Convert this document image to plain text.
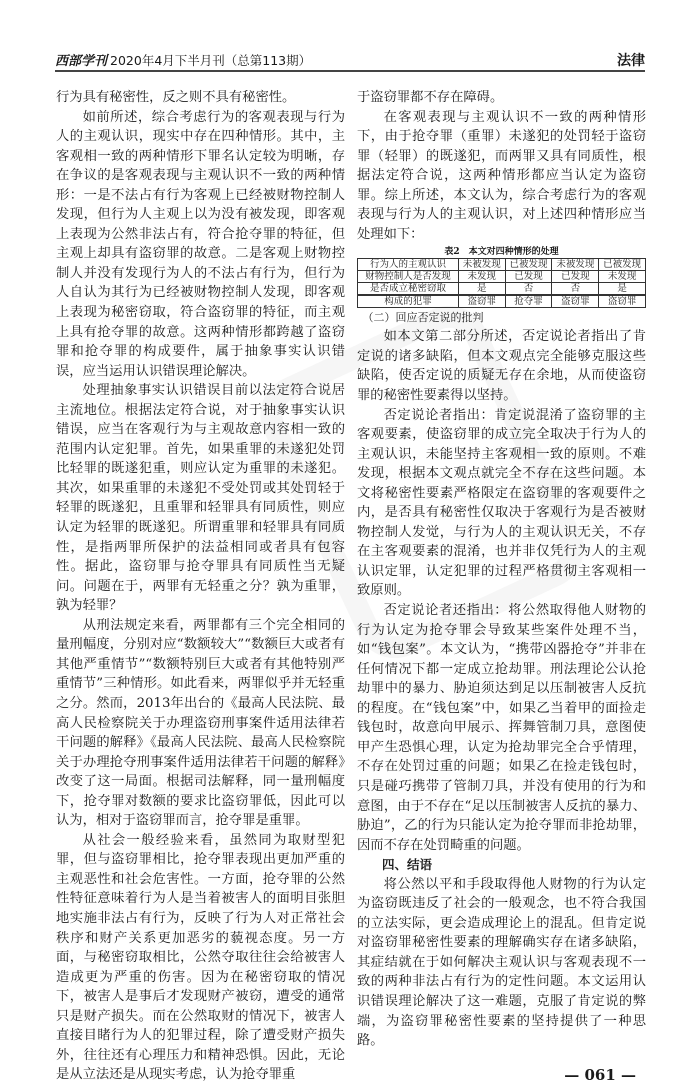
西部学刊 2020年4月下半月刊（总第113期）	法律

行为具有秘密性，反之则不具有秘密性。

如前所述，综合考虑行为的客观表现与行为人的主观认识，现实中存在四种情形。其中，主客观相一致的两种情形下罪名认定较为明晰，存在争议的是客观表现与主观认识不一致的两种情形：一是不法占有行为客观上已经被财物控制人发现，但行为人主观上以为没有被发现，即客观上表现为公然非法占有，符合抢夺罪的特征，但主观上却具有盗窃罪的故意。二是客观上财物控制人并没有发现行为人的不法占有行为，但行为人自认为其行为已经被财物控制人发现，即客观上表现为秘密窃取，符合盗窃罪的特征，而主观上具有抢夺罪的故意。这两种情形都跨越了盗窃罪和抢夺罪的构成要件，属于抽象事实认识错误，应当运用认识错误理论解决。

处理抽象事实认识错误目前以法定符合说居主流地位。根据法定符合说，对于抽象事实认识错误，应当在客观行为与主观故意内容相一致的范围内认定犯罪。首先，如果重罪的未遂犯处罚比轻罪的既遂犯重，则应认定为重罪的未遂犯。其次，如果重罪的未遂犯不受处罚或其处罚轻于轻罪的既遂犯，且重罪和轻罪具有同质性，则应认定为轻罪的既遂犯。所谓重罪和轻罪具有同质性，是指两罪所保护的法益相同或者具有包容性。据此，盗窃罪与抢夺罪具有同质性当无疑问。问题在于，两罪有无轻重之分？孰为重罪，孰为轻罪？

从刑法规定来看，两罪都有三个完全相同的量刑幅度，分别对应“数额较大”“数额巨大或者有其他严重情节”“数额特别巨大或者有其他特别严重情节”三种情形。如此看来，两罪似乎并无轻重之分。然而，2013年出台的《最高人民法院、最高人民检察院关于办理盗窃刑事案件适用法律若干问题的解释》《最高人民法院、最高人民检察院关于办理抢夺刑事案件适用法律若干问题的解释》改变了这一局面。根据司法解释，同一量刑幅度下，抢夺罪对数额的要求比盗窃罪低，因此可以认为，相对于盗窃罪而言，抢夺罪是重罪。

从社会一般经验来看，虽然同为取财型犯罪，但与盗窃罪相比，抢夺罪表现出更加严重的主观恶性和社会危害性。一方面，抢夺罪的公然性特征意味着行为人是当着被害人的面明目张胆地实施非法占有行为，反映了行为人对正常社会秩序和财产关系更加恶劣的藐视态度。另一方面，与秘密窃取相比，公然夺取往往会给被害人造成更为严重的伤害。因为在秘密窃取的情况下，被害人是事后才发现财产被窃，遭受的通常只是财产损失。而在公然取财的情况下，被害人直接目睹行为人的犯罪过程，除了遭受财产损失外，往往还有心理压力和精神恐惧。因此，无论是从立法还是从现实考虑，认为抢夺罪重

于盗窃罪都不存在障碍。

在客观表现与主观认识不一致的两种情形下，由于抢夺罪（重罪）未遂犯的处罚轻于盗窃罪（轻罪）的既遂犯，而两罪又具有同质性，根据法定符合说，这两种情形都应当认定为盗窃罪。综上所述，本文认为，综合考虑行为的客观表现与行为人的主观认识，对上述四种情形应当处理如下：

表2　本文对四种情形的处理
行为人的主观认识	未被发现	已被发现	未被发现	已被发现
财物控制人是否发现	未发现	已发现	已发现	未发现
是否成立秘密窃取	是	否	否	是
构成的犯罪	盗窃罪	抢夺罪	盗窃罪	盗窃罪

（二）回应否定说的批判

如本文第二部分所述，否定说论者指出了肯定说的诸多缺陷，但本文观点完全能够克服这些缺陷，使否定说的质疑无存在余地，从而使盗窃罪的秘密性要素得以坚持。

否定说论者指出：肯定说混淆了盗窃罪的主客观要素，使盗窃罪的成立完全取决于行为人的主观认识，未能坚持主客观相一致的原则。不难发现，根据本文观点就完全不存在这些问题。本文将秘密性要素严格限定在盗窃罪的客观要件之内，是否具有秘密性仅取决于客观行为是否被财物控制人发觉，与行为人的主观认识无关，不存在主客观要素的混淆，也并非仅凭行为人的主观认识定罪，认定犯罪的过程严格贯彻主客观相一致原则。

否定说论者还指出：将公然取得他人财物的行为认定为抢夺罪会导致某些案件处理不当，如“钱包案”。本文认为，“携带凶器抢夺”并非在任何情况下都一定成立抢劫罪。刑法理论公认抢劫罪中的暴力、胁迫须达到足以压制被害人反抗的程度。在“钱包案”中，如果乙当着甲的面捡走钱包时，故意向甲展示、挥舞管制刀具，意图使甲产生恐惧心理，认定为抢劫罪完全合乎情理，不存在处罚过重的问题；如果乙在捡走钱包时，只是碰巧携带了管制刀具，并没有使用的行为和意图，由于不存在“足以压制被害人反抗的暴力、胁迫”，乙的行为只能认定为抢夺罪而非抢劫罪，因而不存在处罚畸重的问题。

四、结语

将公然以平和手段取得他人财物的行为认定为盗窃既违反了社会的一般观念，也不符合我国的立法实际，更会造成理论上的混乱。但肯定说对盗窃罪秘密性要素的理解确实存在诸多缺陷，其症结就在于如何解决主观认识与客观表现不一致的两种非法占有行为的定性问题。本文运用认识错误理论解决了这一难题，克服了肯定说的弊端，为盗窃罪秘密性要素的坚持提供了一种思路。

— 061 —
